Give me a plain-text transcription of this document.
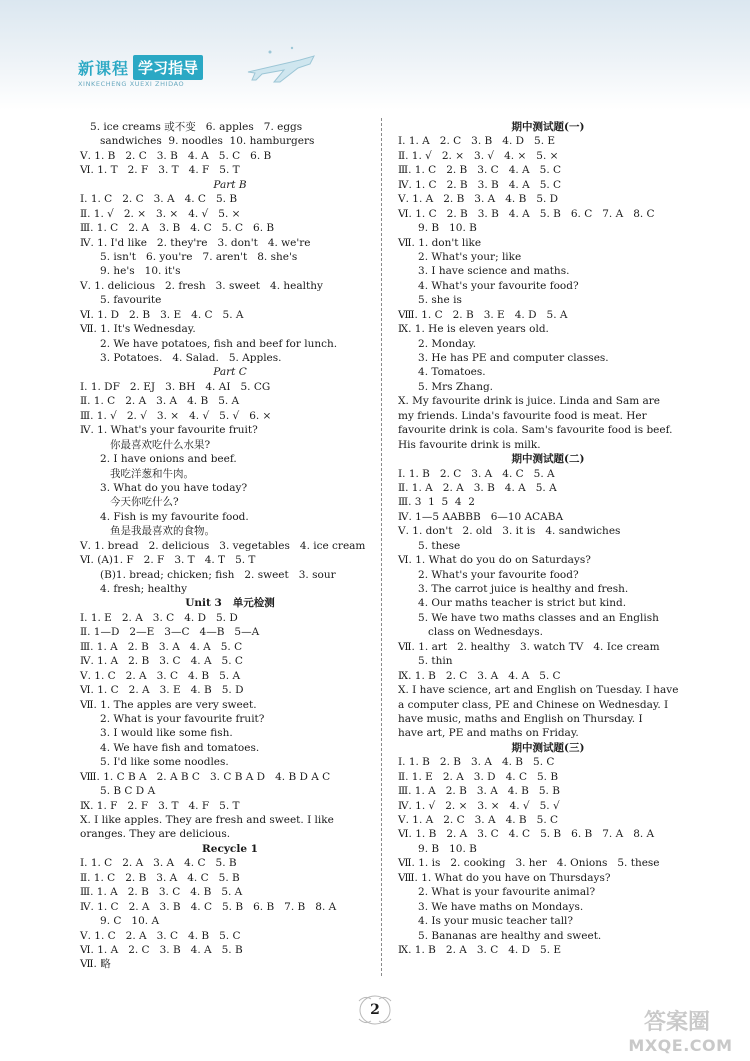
新课程 学习指导
XINKECHENG XUEXI ZHIDAO
5. ice creams 或不变   6. apples   7. eggs
sandwiches  9. noodles  10. hamburgers
Ⅴ. 1. B   2. C   3. B   4. A   5. C   6. B
Ⅵ. 1. T   2. F   3. T   4. F   5. T
Part B
Ⅰ. 1. C   2. C   3. A   4. C   5. B
Ⅱ. 1. √   2. ×   3. ×   4. √   5. ×
Ⅲ. 1. C   2. A   3. B   4. C   5. C   6. B
Ⅳ. 1. I'd like   2. they're   3. don't   4. we're
5. isn't   6. you're   7. aren't   8. she's
9. he's   10. it's
Ⅴ. 1. delicious   2. fresh   3. sweet   4. healthy
5. favourite
Ⅵ. 1. D   2. B   3. E   4. C   5. A
Ⅶ. 1. It's Wednesday.
2. We have potatoes, fish and beef for lunch.
3. Potatoes.   4. Salad.   5. Apples.
Part C
Ⅰ. 1. DF   2. EJ   3. BH   4. AI   5. CG
Ⅱ. 1. C   2. A   3. A   4. B   5. A
Ⅲ. 1. √   2. √   3. ×   4. √   5. √   6. ×
Ⅳ. 1. What's your favourite fruit?
你最喜欢吃什么水果?
2. I have onions and beef.
我吃洋葱和牛肉。
3. What do you have today?
今天你吃什么?
4. Fish is my favourite food.
鱼是我最喜欢的食物。
Ⅴ. 1. bread   2. delicious   3. vegetables   4. ice cream
Ⅵ. (A)1. F   2. F   3. T   4. T   5. T
(B)1. bread; chicken; fish   2. sweet   3. sour
4. fresh; healthy
Unit 3   单元检测
Ⅰ. 1. E   2. A   3. C   4. D   5. D
Ⅱ. 1—D   2—E   3—C   4—B   5—A
Ⅲ. 1. A   2. B   3. A   4. A   5. C
Ⅳ. 1. A   2. B   3. C   4. A   5. C
Ⅴ. 1. C   2. A   3. C   4. B   5. A
Ⅵ. 1. C   2. A   3. E   4. B   5. D
Ⅶ. 1. The apples are very sweet.
2. What is your favourite fruit?
3. I would like some fish.
4. We have fish and tomatoes.
5. I'd like some noodles.
Ⅷ. 1. C B A   2. A B C   3. C B A D   4. B D A C
5. B C D A
Ⅸ. 1. F   2. F   3. T   4. F   5. T
Ⅹ. I like apples. They are fresh and sweet. I like
oranges. They are delicious.
Recycle 1
Ⅰ. 1. C   2. A   3. A   4. C   5. B
Ⅱ. 1. C   2. B   3. A   4. C   5. B
Ⅲ. 1. A   2. B   3. C   4. B   5. A
Ⅳ. 1. C   2. A   3. B   4. C   5. B   6. B   7. B   8. A
9. C   10. A
Ⅴ. 1. C   2. A   3. C   4. B   5. C
Ⅵ. 1. A   2. C   3. B   4. A   5. B
Ⅶ. 略
期中测试题(一)
Ⅰ. 1. A   2. C   3. B   4. D   5. E
Ⅱ. 1. √   2. ×   3. √   4. ×   5. ×
Ⅲ. 1. C   2. B   3. C   4. A   5. C
Ⅳ. 1. C   2. B   3. B   4. A   5. C
Ⅴ. 1. A   2. B   3. A   4. B   5. D
Ⅵ. 1. C   2. B   3. B   4. A   5. B   6. C   7. A   8. C
9. B   10. B
Ⅶ. 1. don't like
2. What's your; like
3. I have science and maths.
4. What's your favourite food?
5. she is
Ⅷ. 1. C   2. B   3. E   4. D   5. A
Ⅸ. 1. He is eleven years old.
2. Monday.
3. He has PE and computer classes.
4. Tomatoes.
5. Mrs Zhang.
Ⅹ. My favourite drink is juice. Linda and Sam are
my friends. Linda's favourite food is meat. Her
favourite drink is cola. Sam's favourite food is beef.
His favourite drink is milk.
期中测试题(二)
Ⅰ. 1. B   2. C   3. A   4. C   5. A
Ⅱ. 1. A   2. A   3. B   4. A   5. A
Ⅲ. 3  1  5  4  2
Ⅳ. 1—5 AABBB   6—10 ACABA
Ⅴ. 1. don't   2. old   3. it is   4. sandwiches
5. these
Ⅵ. 1. What do you do on Saturdays?
2. What's your favourite food?
3. The carrot juice is healthy and fresh.
4. Our maths teacher is strict but kind.
5. We have two maths classes and an English
class on Wednesdays.
Ⅶ. 1. art   2. healthy   3. watch TV   4. Ice cream
5. thin
Ⅸ. 1. B   2. C   3. A   4. A   5. C
Ⅹ. I have science, art and English on Tuesday. I have
a computer class, PE and Chinese on Wednesday. I
have music, maths and English on Thursday. I
have art, PE and maths on Friday.
期中测试题(三)
Ⅰ. 1. B   2. B   3. A   4. B   5. C
Ⅱ. 1. E   2. A   3. D   4. C   5. B
Ⅲ. 1. A   2. B   3. A   4. B   5. B
Ⅳ. 1. √   2. ×   3. ×   4. √   5. √
Ⅴ. 1. A   2. C   3. A   4. B   5. C
Ⅵ. 1. B   2. A   3. C   4. C   5. B   6. B   7. A   8. A
9. B   10. B
Ⅶ. 1. is   2. cooking   3. her   4. Onions   5. these
Ⅷ. 1. What do you have on Thursdays?
2. What is your favourite animal?
3. We have maths on Mondays.
4. Is your music teacher tall?
5. Bananas are healthy and sweet.
Ⅸ. 1. B   2. A   3. C   4. D   5. E
2	答案圈
MXQE.COM
